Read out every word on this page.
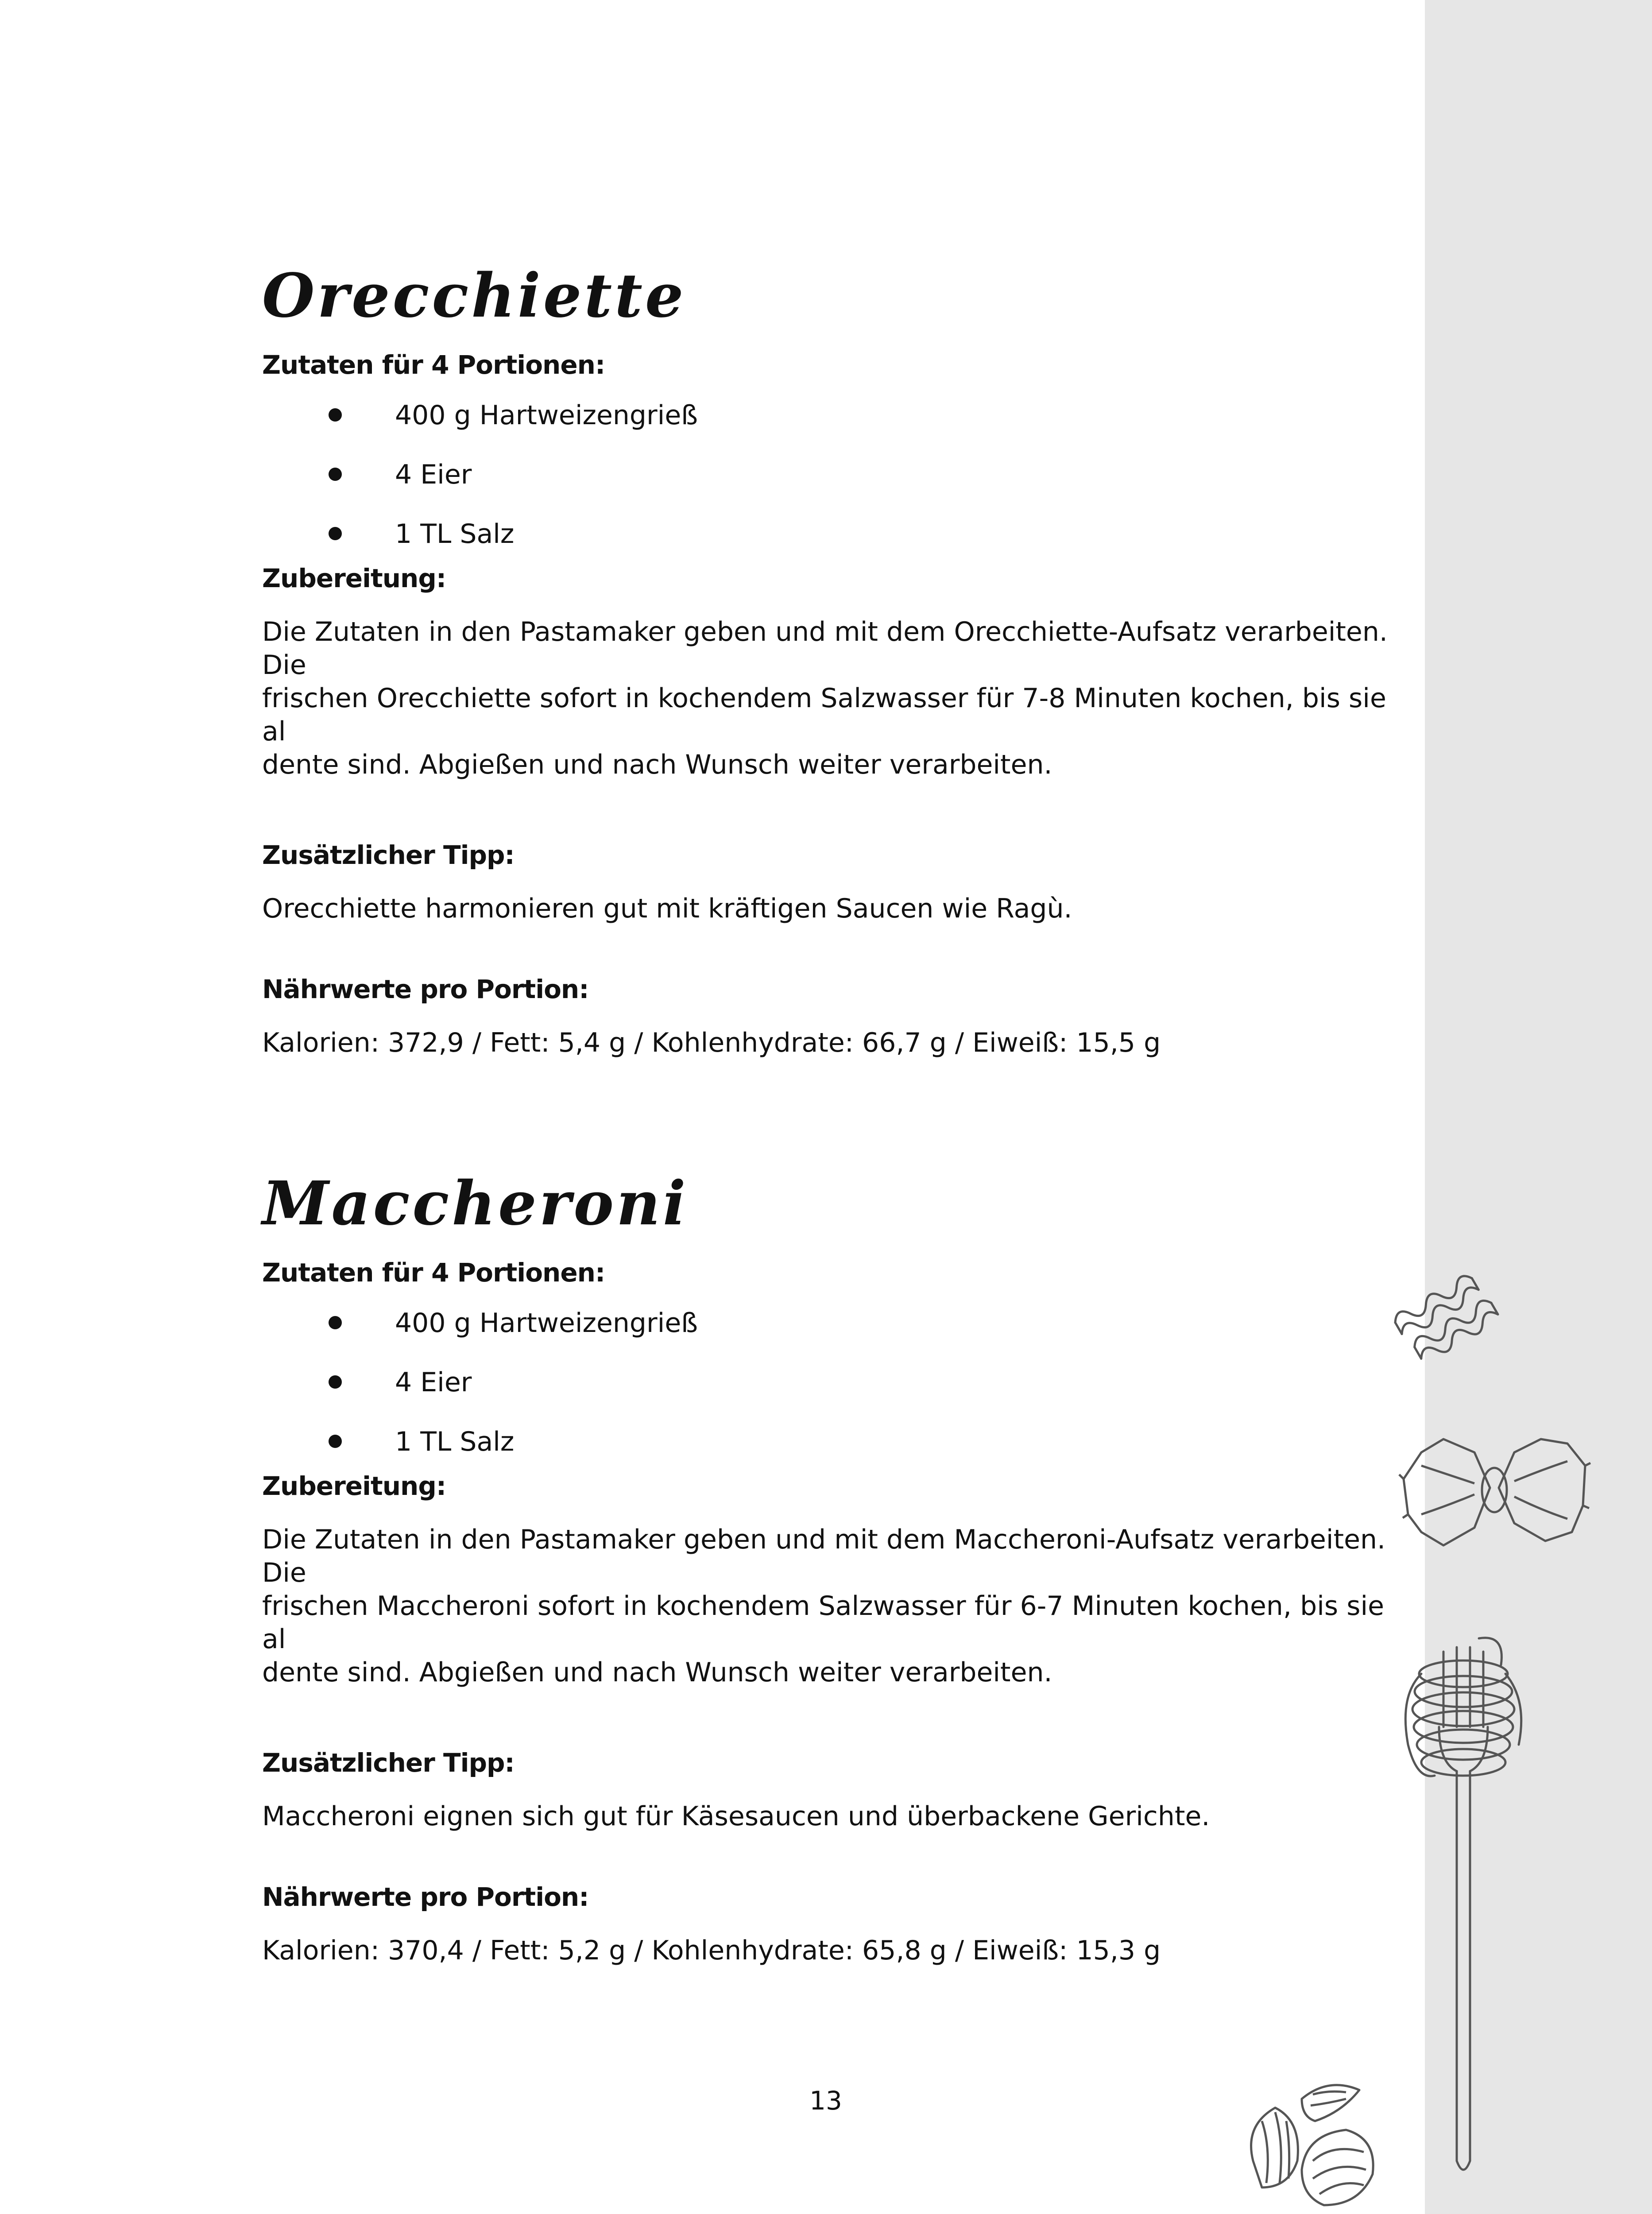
Orecchiette

Zutaten für 4 Portionen:

400 g Hartweizengrieß
4 Eier
1 TL Salz

Zubereitung:

Die Zutaten in den Pastamaker geben und mit dem Orecchiette-Aufsatz verarbeiten. Die
frischen Orecchiette sofort in kochendem Salzwasser für 7-8 Minuten kochen, bis sie al
dente sind. Abgießen und nach Wunsch weiter verarbeiten.

Zusätzlicher Tipp:

Orecchiette harmonieren gut mit kräftigen Saucen wie Ragù.

Nährwerte pro Portion:

Kalorien: 372,9 / Fett: 5,4 g / Kohlenhydrate: 66,7 g / Eiweiß: 15,5 g

Maccheroni

Zutaten für 4 Portionen:

400 g Hartweizengrieß
4 Eier
1 TL Salz

Zubereitung:

Die Zutaten in den Pastamaker geben und mit dem Maccheroni-Aufsatz verarbeiten. Die
frischen Maccheroni sofort in kochendem Salzwasser für 6-7 Minuten kochen, bis sie al
dente sind. Abgießen und nach Wunsch weiter verarbeiten.

Zusätzlicher Tipp:

Maccheroni eignen sich gut für Käsesaucen und überbackene Gerichte.

Nährwerte pro Portion:

Kalorien: 370,4 / Fett: 5,2 g / Kohlenhydrate: 65,8 g / Eiweiß: 15,3 g

13
